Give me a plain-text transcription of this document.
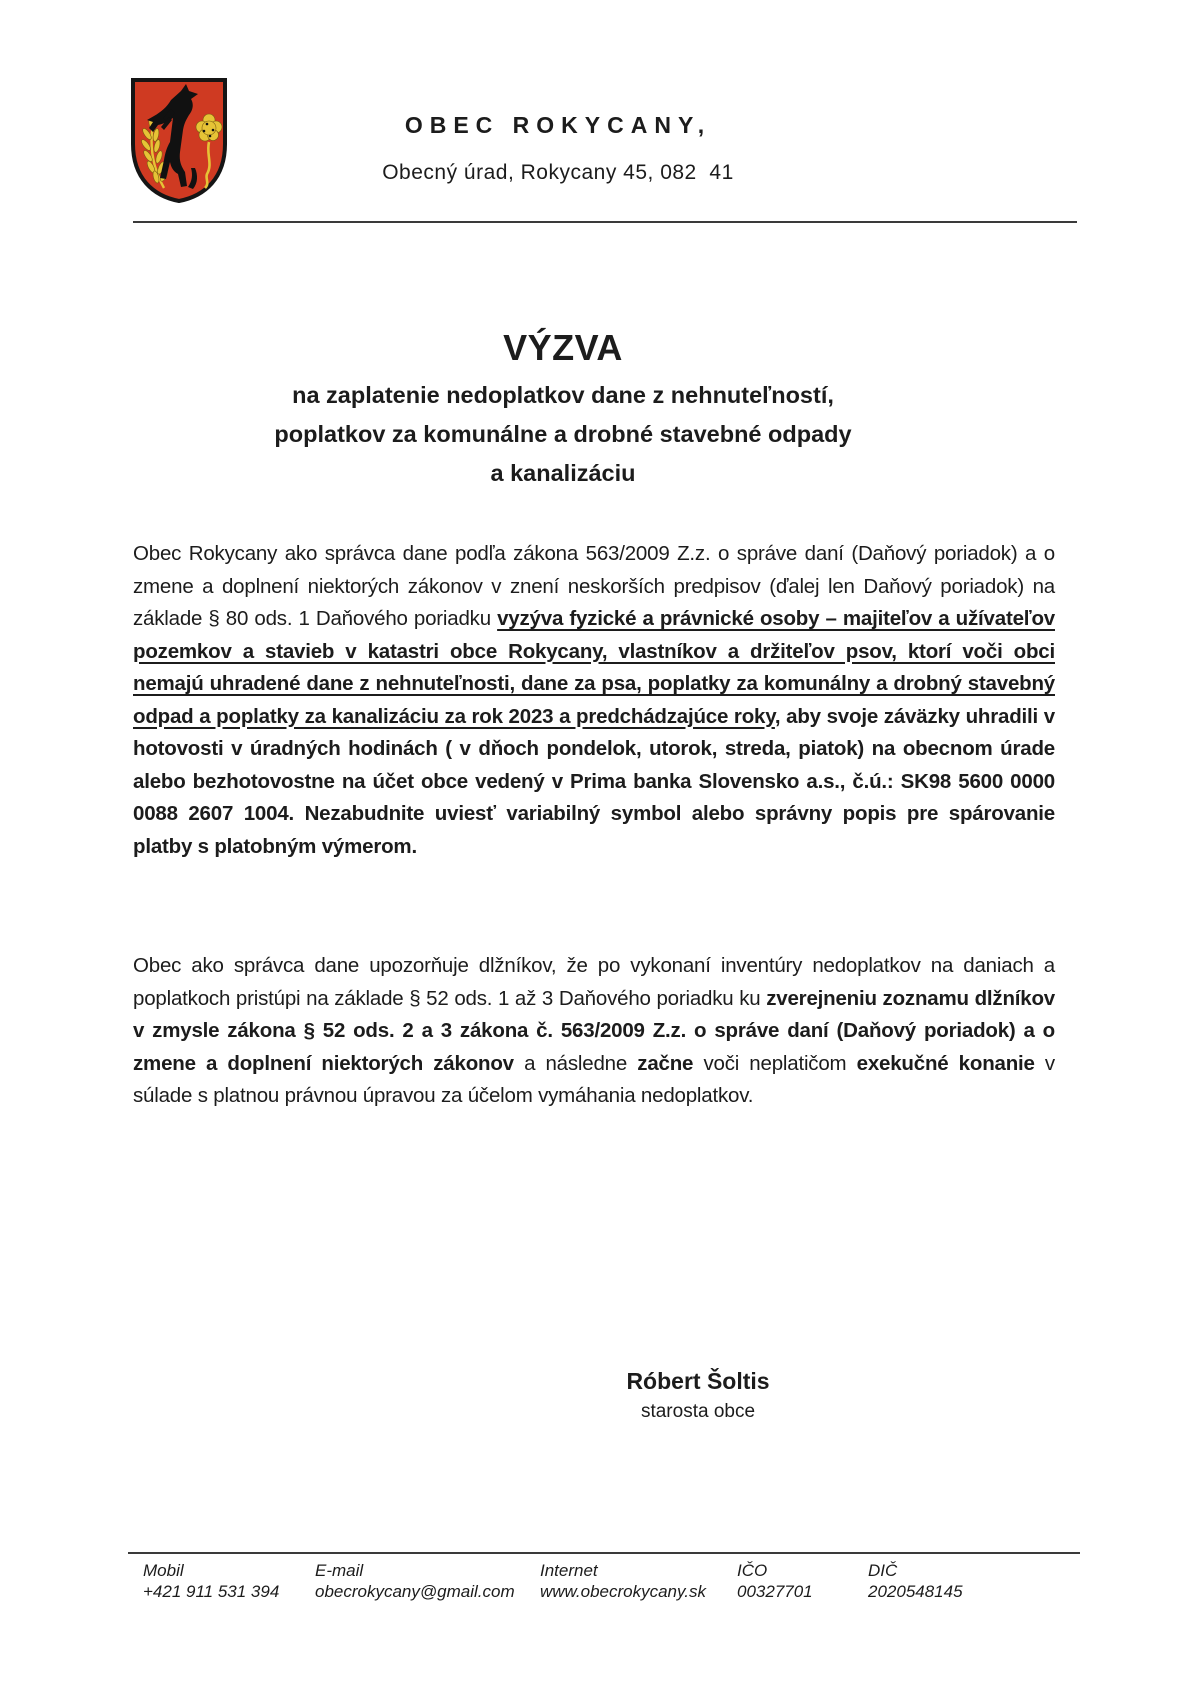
OBEC ROKYCANY,
Obecný úrad, Rokycany 45, 082  41
VÝZVA
na zaplatenie nedoplatkov dane z nehnuteľností,
poplatkov za komunálne a drobné stavebné odpady
a kanalizáciu

Obec Rokycany ako správca dane podľa zákona 563/2009 Z.z. o správe daní (Daňový poriadok) a o zmene a doplnení niektorých zákonov v znení neskorších predpisov (ďalej len Daňový poriadok) na základe § 80 ods. 1 Daňového poriadku vyzýva fyzické a právnické osoby – majiteľov a užívateľov pozemkov a stavieb v katastri obce Rokycany, vlastníkov a držiteľov psov, ktorí voči obci nemajú uhradené dane z nehnuteľnosti, dane za psa, poplatky za komunálny a drobný stavebný odpad a poplatky za kanalizáciu za rok 2023 a predchádzajúce roky, aby svoje záväzky uhradili v hotovosti v úradných hodinách ( v dňoch pondelok, utorok, streda, piatok) na obecnom úrade alebo bezhotovostne na účet obce vedený v Prima banka Slovensko a.s., č.ú.: SK98 5600 0000 0088 2607 1004. Nezabudnite uviesť variabilný symbol alebo správny popis pre spárovanie platby s platobným výmerom.

Obec ako správca dane upozorňuje dlžníkov, že po vykonaní inventúry nedoplatkov na daniach a poplatkoch pristúpi na základe § 52 ods. 1 až 3 Daňového poriadku ku zverejneniu zoznamu dlžníkov v zmysle zákona § 52 ods. 2 a 3 zákona č. 563/2009 Z.z. o správe daní (Daňový poriadok) a o zmene a doplnení niektorých zákonov a následne začne voči neplatičom exekučné konanie v súlade s platnou právnou úpravou za účelom vymáhania nedoplatkov.

Róbert Šoltis
starosta obce
Mobil
+421 911 531 394
E-mail
obecrokycany@gmail.com
Internet
www.obecrokycany.sk
IČO
00327701
DIČ
2020548145
